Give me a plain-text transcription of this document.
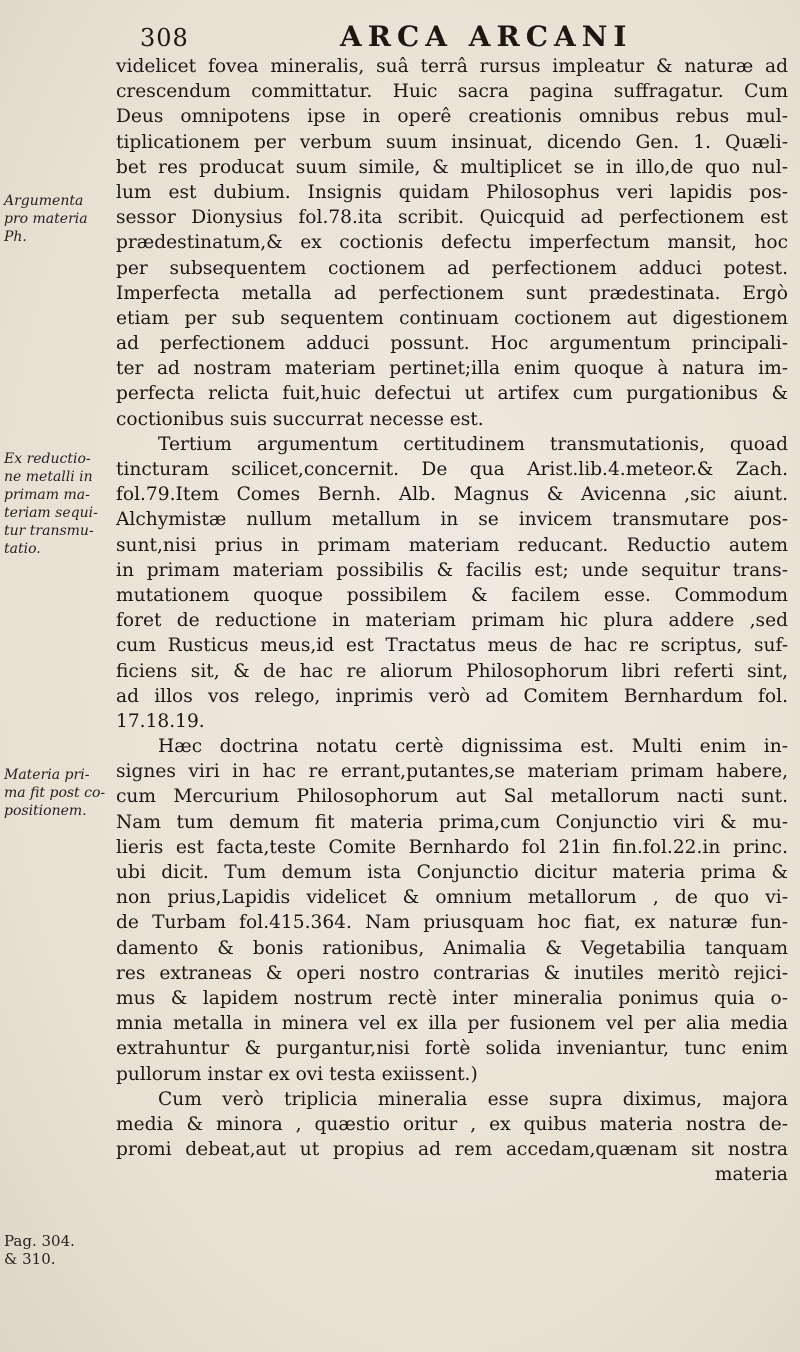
308	ARCA ARCANI
Argumenta
pro materia
Ph.
Ex reductio-
ne metalli in
primam ma-
teriam sequi-
tur transmu-
tatio.
Materia pri-
ma fit post co-
positionem.
Pag. 304.
& 310.
videlicet fovea mineralis, suâ terrâ rursus impleatur & naturæ ad
crescendum committatur. Huic sacra pagina suffragatur. Cum
Deus omnipotens ipse in operê creationis omnibus rebus mul-
tiplicationem per verbum suum insinuat, dicendo Gen. 1. Quæli-
bet res producat suum simile, & multiplicet se in illo,de quo nul-
lum est dubium. Insignis quidam Philosophus veri lapidis pos-
sessor Dionysius fol.78.ita scribit. Quicquid ad perfectionem est
prædestinatum,& ex coctionis defectu imperfectum mansit, hoc
per subsequentem coctionem ad perfectionem adduci potest.
Imperfecta metalla ad perfectionem sunt prædestinata. Ergò
etiam per sub sequentem continuam coctionem aut digestionem
ad perfectionem adduci possunt. Hoc argumentum principali-
ter ad nostram materiam pertinet;illa enim quoque à natura im-
perfecta relicta fuit,huic defectui ut artifex cum purgationibus &
coctionibus suis succurrat necesse est.
Tertium argumentum certitudinem transmutationis, quoad
tincturam scilicet,concernit. De qua Arist.lib.4.meteor.& Zach.
fol.79.Item Comes Bernh. Alb. Magnus & Avicenna ,sic aiunt.
Alchymistæ nullum metallum in se invicem transmutare pos-
sunt,nisi prius in primam materiam reducant. Reductio autem
in primam materiam possibilis & facilis est; unde sequitur trans-
mutationem quoque possibilem & facilem esse. Commodum
foret de reductione in materiam primam hic plura addere ,sed
cum Rusticus meus,id est Tractatus meus de hac re scriptus, suf-
ficiens sit, & de hac re aliorum Philosophorum libri referti sint,
ad illos vos relego, inprimis verò ad Comitem Bernhardum fol.
17.18.19.
Hæc doctrina notatu certè dignissima est. Multi enim in-
signes viri in hac re errant,putantes,se materiam primam habere,
cum Mercurium Philosophorum aut Sal metallorum nacti sunt.
Nam tum demum fit materia prima,cum Conjunctio viri & mu-
lieris est facta,teste Comite Bernhardo fol 21in fin.fol.22.in princ.
ubi dicit. Tum demum ista Conjunctio dicitur materia prima &
non prius,Lapidis videlicet & omnium metallorum , de quo vi-
de Turbam fol.415.364. Nam priusquam hoc fiat, ex naturæ fun-
damento & bonis rationibus, Animalia & Vegetabilia tanquam
res extraneas & operi nostro contrarias & inutiles meritò rejici-
mus & lapidem nostrum rectè inter mineralia ponimus quia o-
mnia metalla in minera vel ex illa per fusionem vel per alia media
extrahuntur & purgantur,nisi fortè solida inveniantur, tunc enim
pullorum instar ex ovi testa exiissent.)
Cum verò triplicia mineralia esse supra diximus, majora
media & minora , quæstio oritur , ex quibus materia nostra de-
promi debeat,aut ut propius ad rem accedam,quænam sit nostra
materia
